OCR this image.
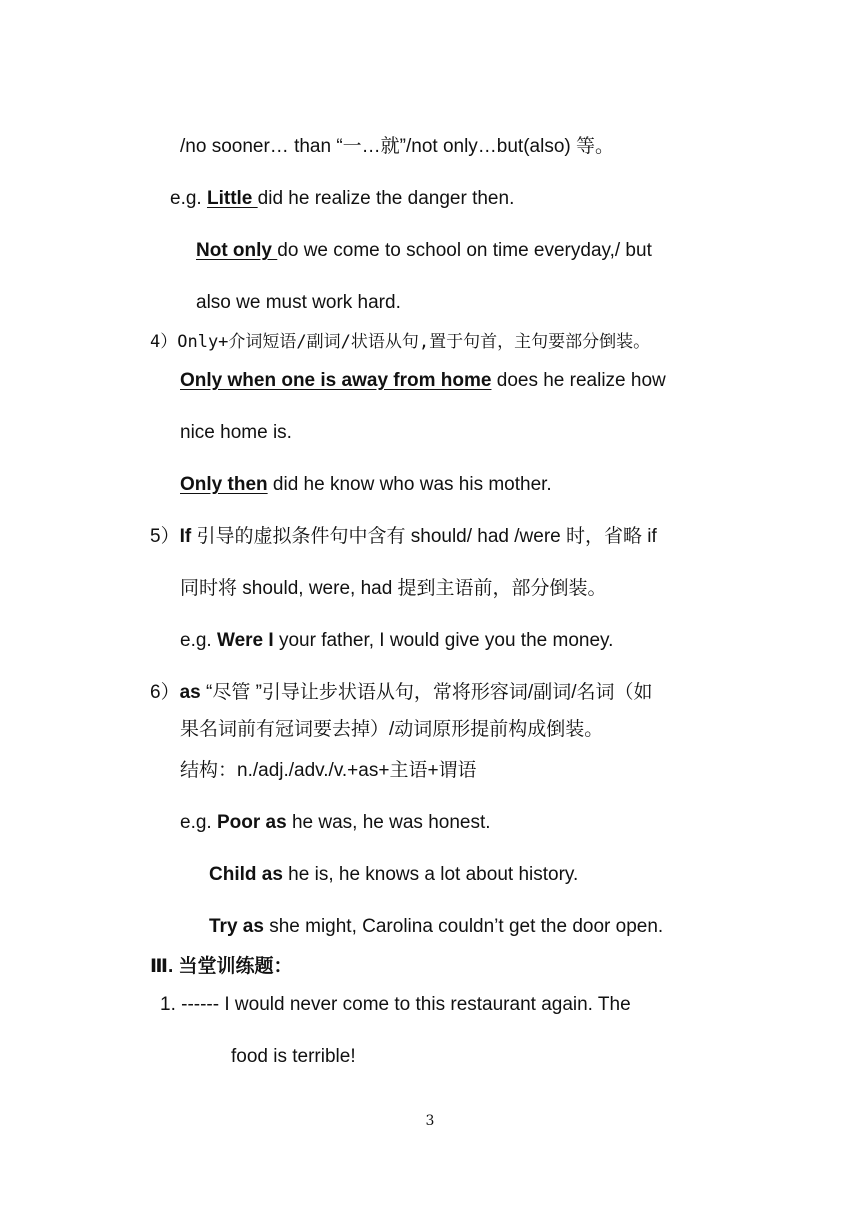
/no sooner… than “一…就”/not only…but(also) 等。
e.g. Little did he realize the danger then.
Not only do we come to school on time everyday,/ but
also we must work hard.
4）Only+介词短语/副词/状语从句,置于句首，主句要部分倒装。
Only when one is away from home does he realize how
nice home is.
Only then did he know who was his mother.
5）If 引导的虚拟条件句中含有 should/ had /were 时，省略 if
同时将 should, were, had 提到主语前，部分倒装。
e.g. Were I your father, I would give you the money.
6）as “尽管 ”引导让步状语从句，常将形容词/副词/名词（如
果名词前有冠词要去掉）/动词原形提前构成倒装。
结构：n./adj./adv./v.+as+主语+谓语
e.g. Poor as he was, he was honest.
Child as he is, he knows a lot about history.
Try as she might, Carolina couldn’t get the door open.
Ⅲ. 当堂训练题：
1. ------ I would never come to this restaurant again. The
food is terrible!
3
